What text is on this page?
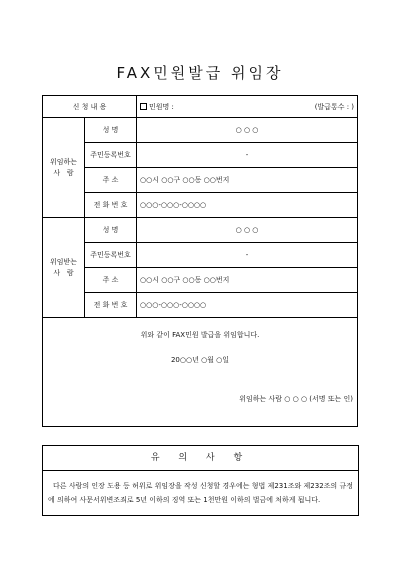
FAX민원발급 위임장
신 청 내 용		민원명 : (발급통수 : )

위임하는
사   람	성 명	○ ○ ○
	주민등록번호	-
	주 소	○○시 ○○구 ○○동 ○○번지
	전 화 번 호	○○○-○○○-○○○○
위임받는
사   람	성 명	○ ○ ○
	주민등록번호	-
	주 소	○○시 ○○구 ○○동 ○○번지
	전 화 번 호	○○○-○○○-○○○○

위와 같이 FAX민원 발급을 위임합니다.
20○○년 ○월 ○일
위임하는 사람 ○ ○ ○ (서명 또는 인)		
유 의 사 항
다른 사람의 인장 도용 등 허위로 위임장을 작성 신청할 경우에는 형법 제231조와 제232조의 규정에 의하여 사문서위변조죄로 5년 이하의 징역 또는 1천만원 이하의 벌금에 처하게 됩니다.
